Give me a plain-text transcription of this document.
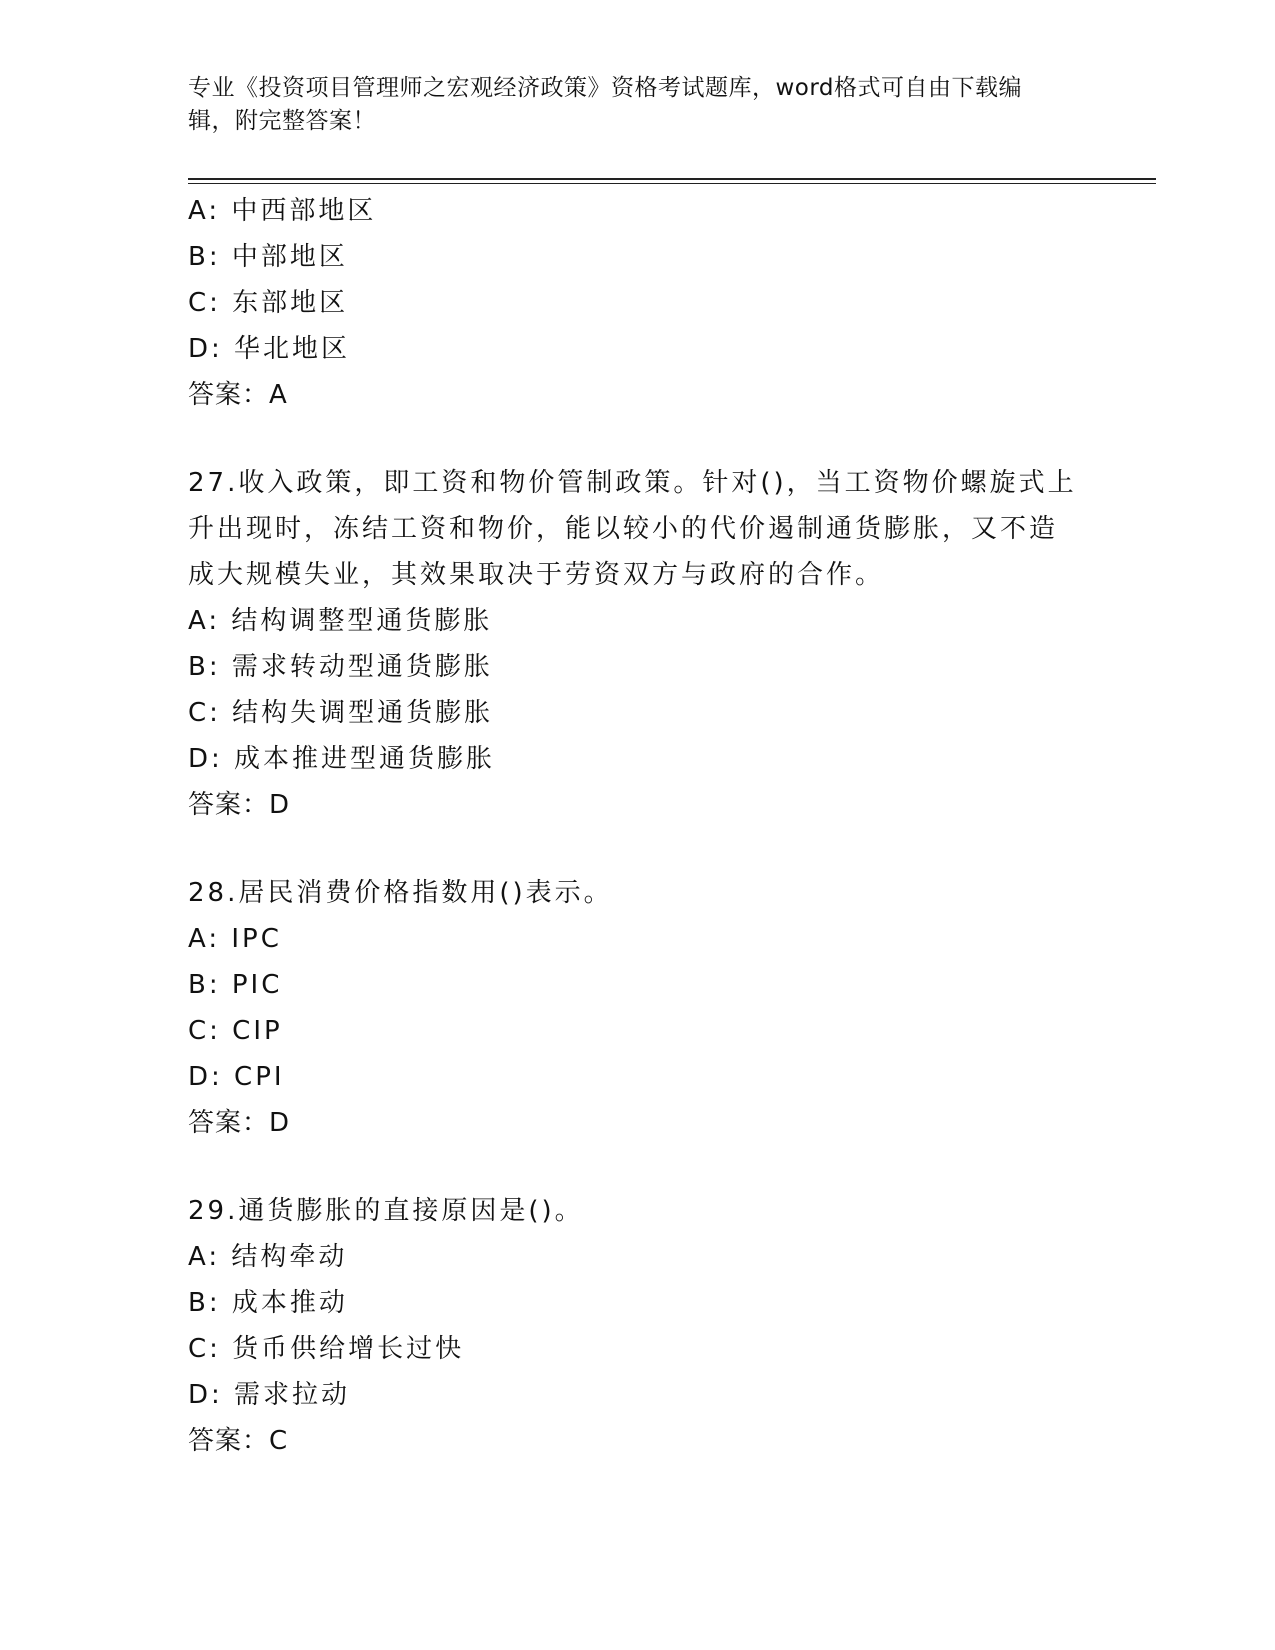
专业《投资项目管理师之宏观经济政策》资格考试题库，word格式可自由下载编辑，附完整答案！
A: 中西部地区
B: 中部地区
C: 东部地区
D: 华北地区
答案：A
27.收入政策，即工资和物价管制政策。针对()，当工资物价螺旋式上升出现时，冻结工资和物价，能以较小的代价遏制通货膨胀，又不造成大规模失业，其效果取决于劳资双方与政府的合作。
A: 结构调整型通货膨胀
B: 需求转动型通货膨胀
C: 结构失调型通货膨胀
D: 成本推进型通货膨胀
答案：D
28.居民消费价格指数用()表示。
A: IPC
B: PIC
C: CIP
D: CPI
答案：D
29.通货膨胀的直接原因是()。
A: 结构牵动
B: 成本推动
C: 货币供给增长过快
D: 需求拉动
答案：C
